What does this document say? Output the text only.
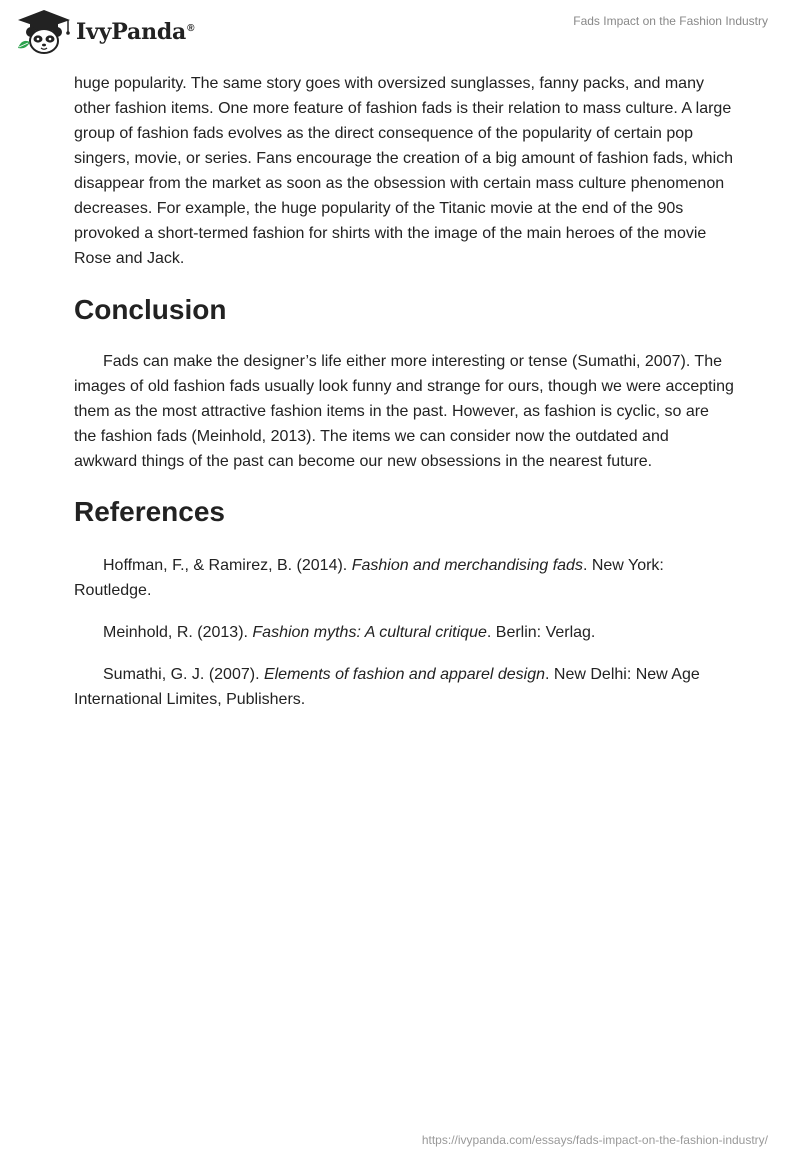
IvyPanda®
Fads Impact on the Fashion Industry

huge popularity. The same story goes with oversized sunglasses, fanny packs, and many other fashion items. One more feature of fashion fads is their relation to mass culture. A large group of fashion fads evolves as the direct consequence of the popularity of certain pop singers, movie, or series. Fans encourage the creation of a big amount of fashion fads, which disappear from the market as soon as the obsession with certain mass culture phenomenon decreases. For example, the huge popularity of the Titanic movie at the end of the 90s provoked a short-termed fashion for shirts with the image of the main heroes of the movie Rose and Jack.

Conclusion

Fads can make the designer’s life either more interesting or tense (Sumathi, 2007). The images of old fashion fads usually look funny and strange for ours, though we were accepting them as the most attractive fashion items in the past. However, as fashion is cyclic, so are the fashion fads (Meinhold, 2013). The items we can consider now the outdated and awkward things of the past can become our new obsessions in the nearest future.

References

Hoffman, F., & Ramirez, B. (2014). Fashion and merchandising fads. New York: Routledge.

Meinhold, R. (2013). Fashion myths: A cultural critique. Berlin: Verlag.

Sumathi, G. J. (2007). Elements of fashion and apparel design. New Delhi: New Age International Limites, Publishers.

https://ivypanda.com/essays/fads-impact-on-the-fashion-industry/
